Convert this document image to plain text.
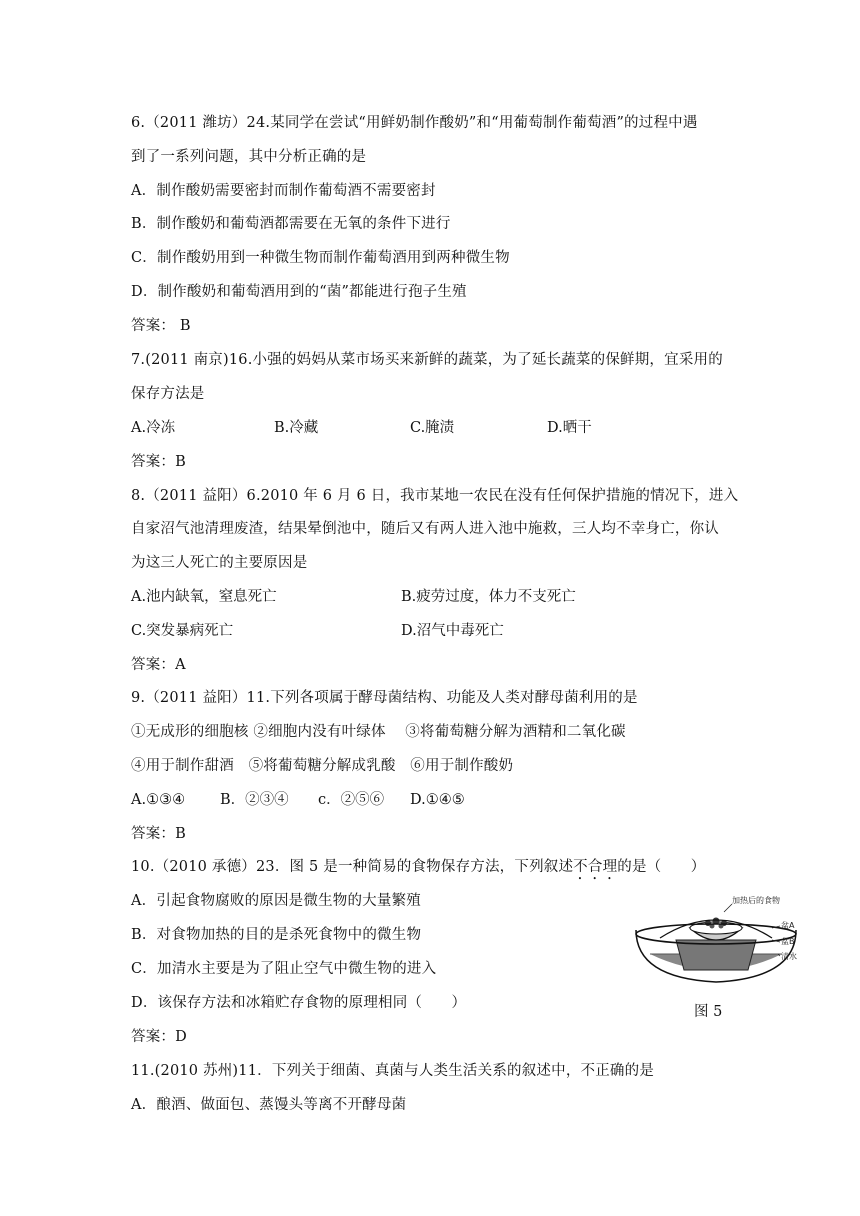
6.（2011 潍坊）24.某同学在尝试“用鲜奶制作酸奶”和“用葡萄制作葡萄酒”的过程中遇
到了一系列问题，其中分析正确的是
A．制作酸奶需要密封而制作葡萄酒不需要密封
B．制作酸奶和葡萄酒都需要在无氧的条件下进行
C．制作酸奶用到一种微生物而制作葡萄酒用到两种微生物
D．制作酸奶和葡萄酒用到的“菌”都能进行孢子生殖
答案： B
7.(2011 南京)16.小强的妈妈从菜市场买来新鲜的蔬菜，为了延长蔬菜的保鲜期，宜采用的
保存方法是
A.冷冻	B.冷藏	C.腌渍	D.晒干
答案：B
8.（2011 益阳）6.2010 年 6 月 6 日，我市某地一农民在没有任何保护措施的情况下，进入
自家沼气池清理废渣，结果晕倒池中，随后又有两人进入池中施救，三人均不幸身亡，你认
为这三人死亡的主要原因是
A.池内缺氧，窒息死亡	B.疲劳过度，体力不支死亡
C.突发暴病死亡	D.沼气中毒死亡
答案：A
9.（2011 益阳）11.下列各项属于酵母菌结构、功能及人类对酵母菌利用的是
①无成形的细胞核 ②细胞内没有叶绿体　 ③将葡萄糖分解为酒精和二氧化碳
④用于制作甜酒　⑤将葡萄糖分解成乳酸　⑥用于制作酸奶
A.①③④ B．②③④ c．②⑤⑥ D.①④⑤
答案：B
10.（2010 承德）23．图 5 是一种简易的食物保存方法，下列叙述不合理的是（　　）
A．引起食物腐败的原因是微生物的大量繁殖
B．对食物加热的目的是杀死食物中的微生物
C．加清水主要是为了阻止空气中微生物的进入
D．该保存方法和冰箱贮存食物的原理相同（　　）
答案：D
加热后的食物
盆A
盆B
清水
图 5
11.(2010 苏州)11．下列关于细菌、真菌与人类生活关系的叙述中，不正确的是
A．酿酒、做面包、蒸馒头等离不开酵母菌
